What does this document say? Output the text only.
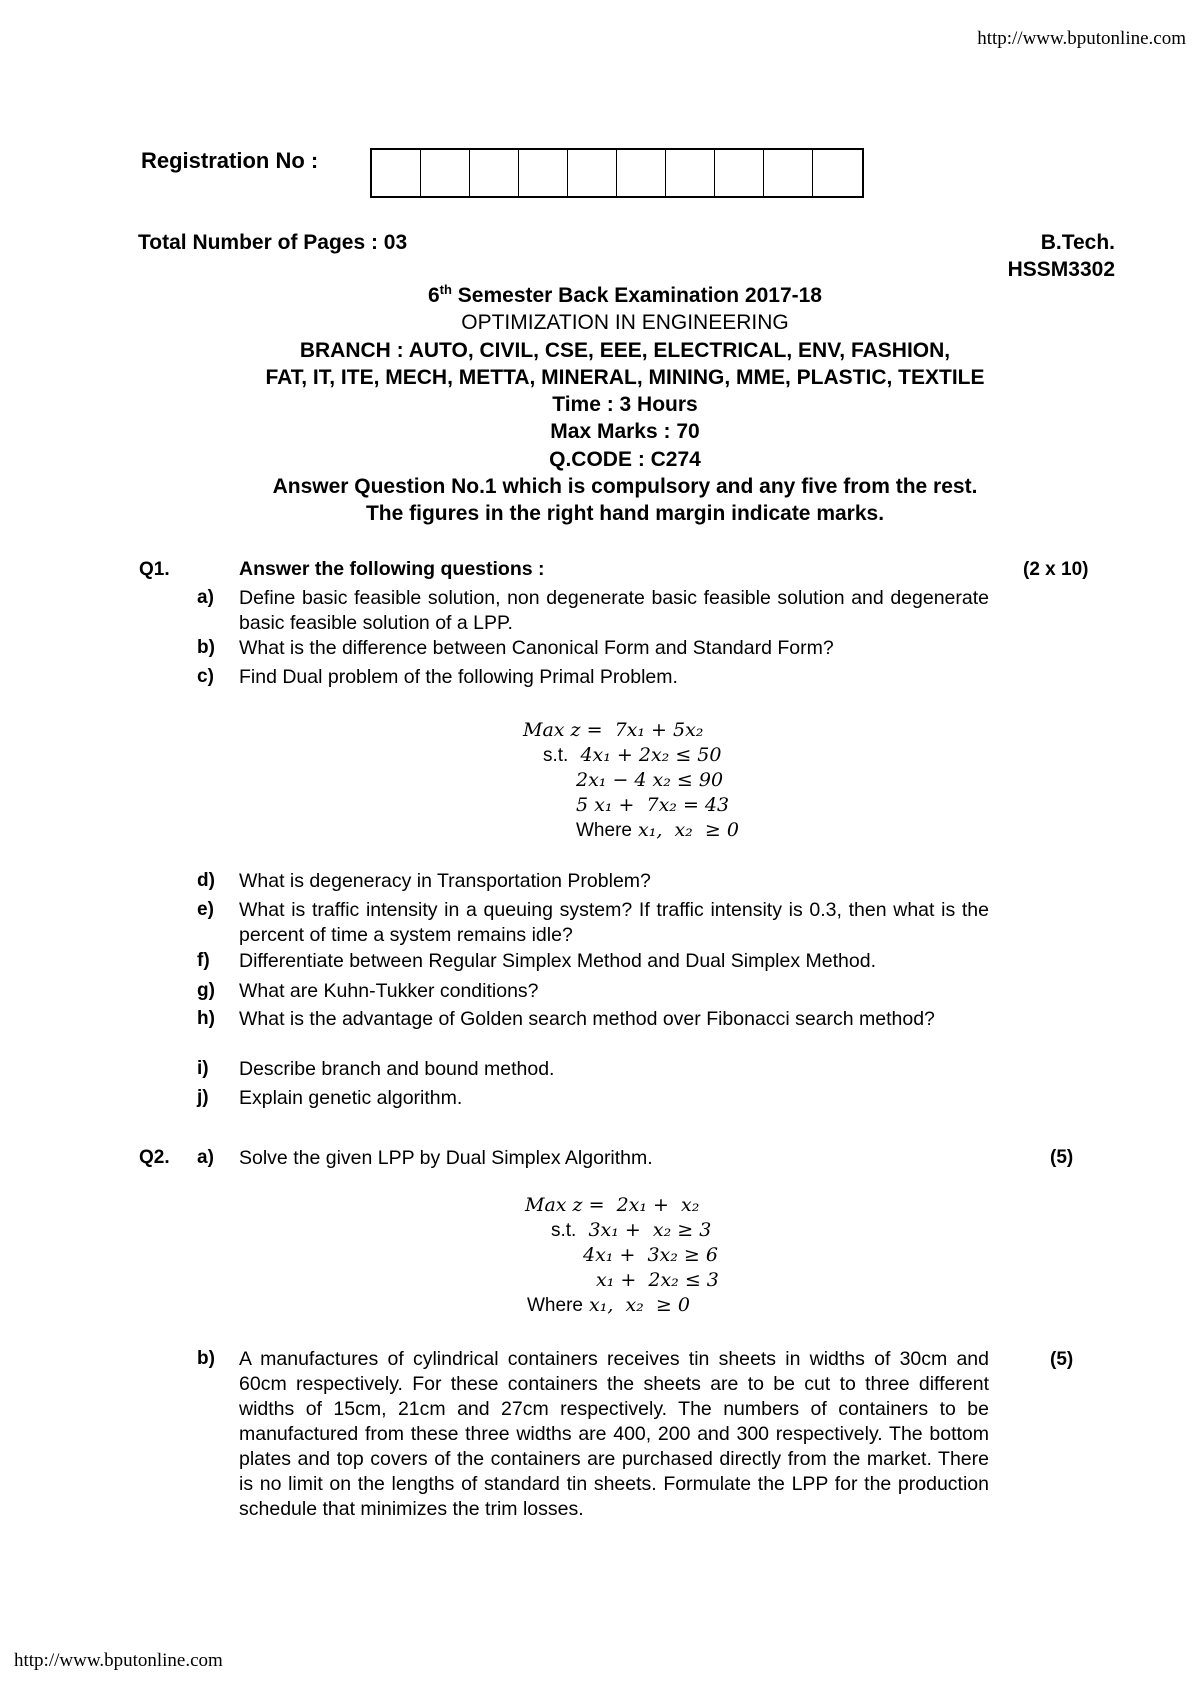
http://www.bputonline.com
Registration No :
Total Number of Pages : 03	B.Tech.
HSSM3302
6th Semester Back Examination 2017-18
OPTIMIZATION IN ENGINEERING
BRANCH : AUTO, CIVIL, CSE, EEE, ELECTRICAL, ENV, FASHION,
FAT, IT, ITE, MECH, METTA, MINERAL, MINING, MME, PLASTIC, TEXTILE
Time : 3 Hours
Max Marks : 70
Q.CODE : C274
Answer Question No.1 which is compulsory and any five from the rest.
The figures in the right hand margin indicate marks.
Q1.	Answer the following questions :	(2 x 10)
a) Define basic feasible solution, non degenerate basic feasible solution and degenerate basic feasible solution of a LPP.
b) What is the difference between Canonical Form and Standard Form?
c) Find Dual problem of the following Primal Problem.
Max z =  7x₁ + 5x₂
s.t. 4x₁ + 2x₂ ≤ 50
2x₁ − 4 x₂ ≤ 90
5 x₁ +  7x₂ = 43
Where x₁,  x₂  ≥ 0
d) What is degeneracy in Transportation Problem?
e) What is traffic intensity in a queuing system? If traffic intensity is 0.3, then what is the percent of time a system remains idle?
f) Differentiate between Regular Simplex Method and Dual Simplex Method.
g) What are Kuhn-Tukker conditions?
h) What is the advantage of Golden search method over Fibonacci search method?
i) Describe branch and bound method.
j) Explain genetic algorithm.
Q2. a) Solve the given LPP by Dual Simplex Algorithm.	(5)
Max z =  2x₁ +  x₂
s.t. 3x₁ +  x₂ ≥ 3
4x₁ +  3x₂ ≥ 6
x₁ +  2x₂ ≤ 3
Where x₁,  x₂  ≥ 0
b) A manufactures of cylindrical containers receives tin sheets in widths of 30cm and 60cm respectively. For these containers the sheets are to be cut to three different widths of 15cm, 21cm and 27cm respectively. The numbers of containers to be manufactured from these three widths are 400, 200 and 300 respectively. The bottom plates and top covers of the containers are purchased directly from the market. There is no limit on the lengths of standard tin sheets. Formulate the LPP for the production schedule that minimizes the trim losses.
(5)
http://www.bputonline.com
